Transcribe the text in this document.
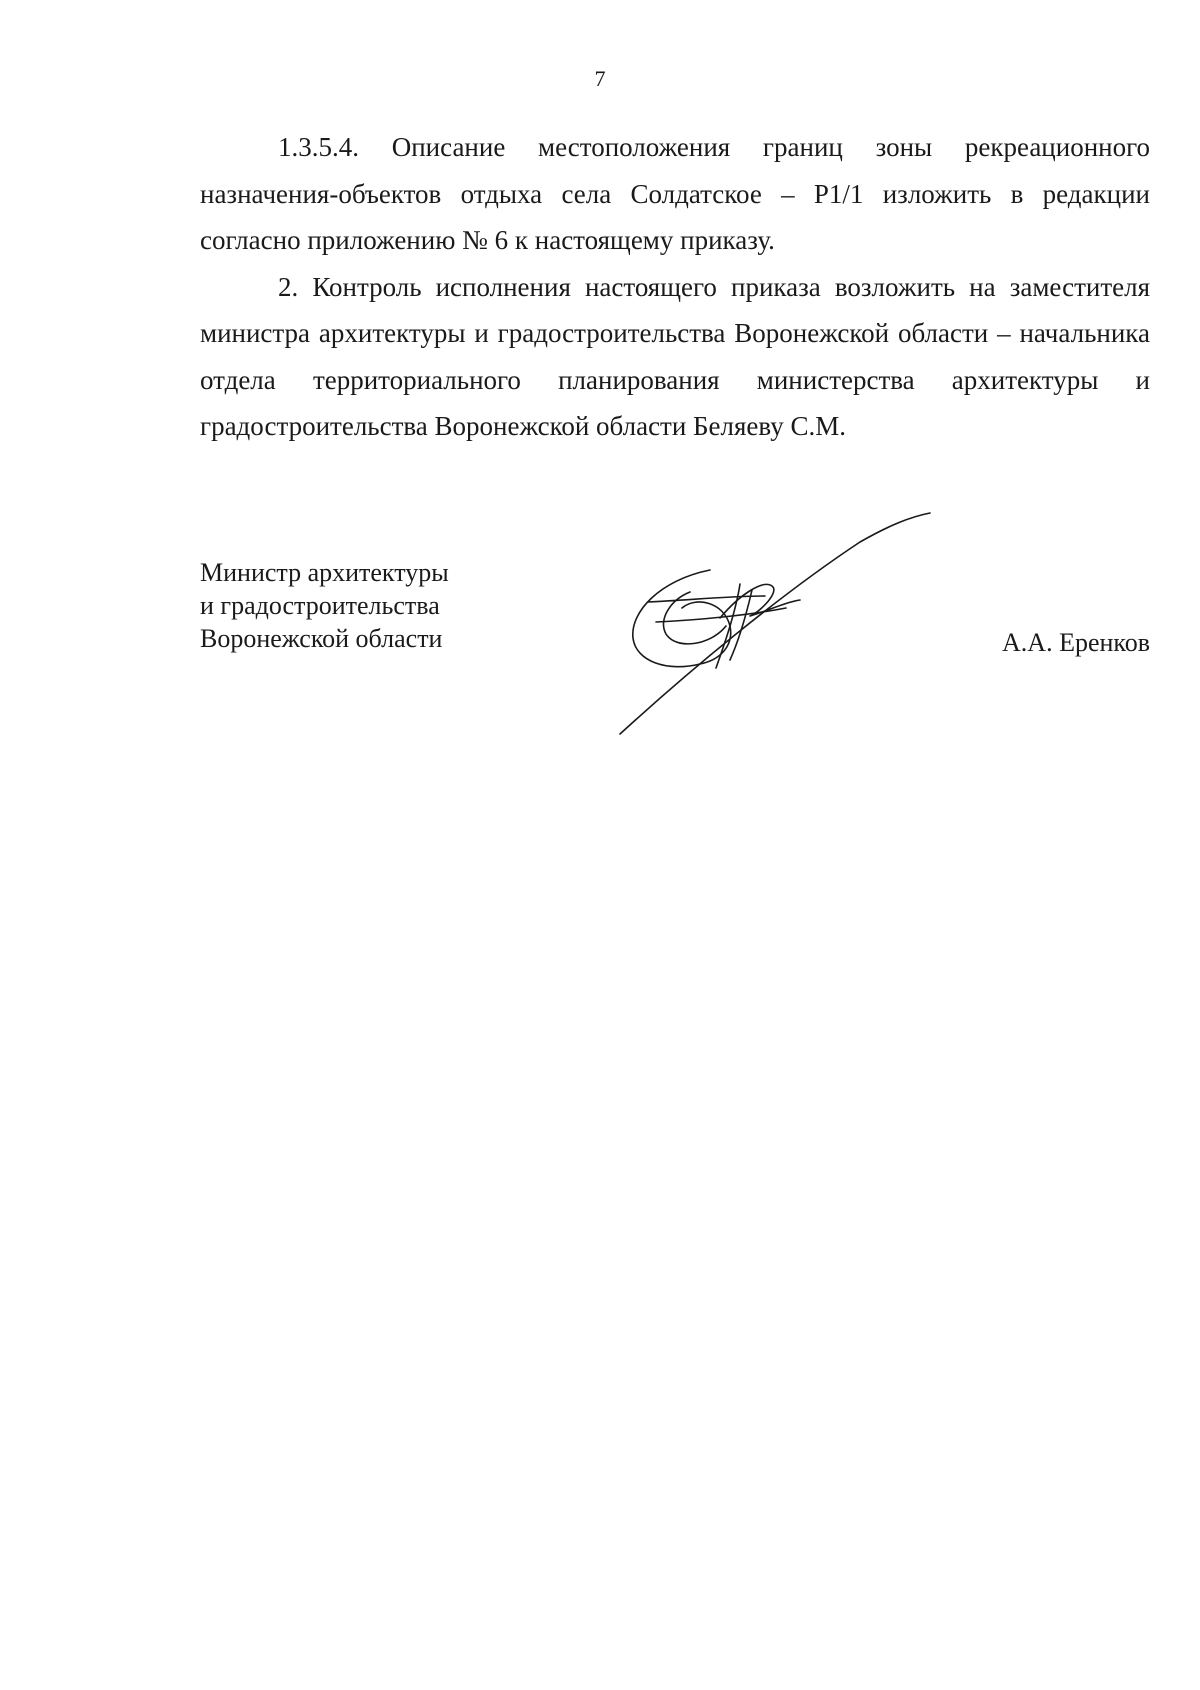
7

1.3.5.4. Описание местоположения границ зоны рекреационного назначения-объектов отдыха села Солдатское – Р1/1 изложить в редакции согласно приложению № 6 к настоящему приказу.

2. Контроль исполнения настоящего приказа возложить на заместителя министра архитектуры и градостроительства Воронежской области – начальника отдела территориального планирования министерства архитектуры и градостроительства Воронежской области Беляеву С.М.

Министр архитектуры
и градостроительства
Воронежской области	А.А. Еренков
